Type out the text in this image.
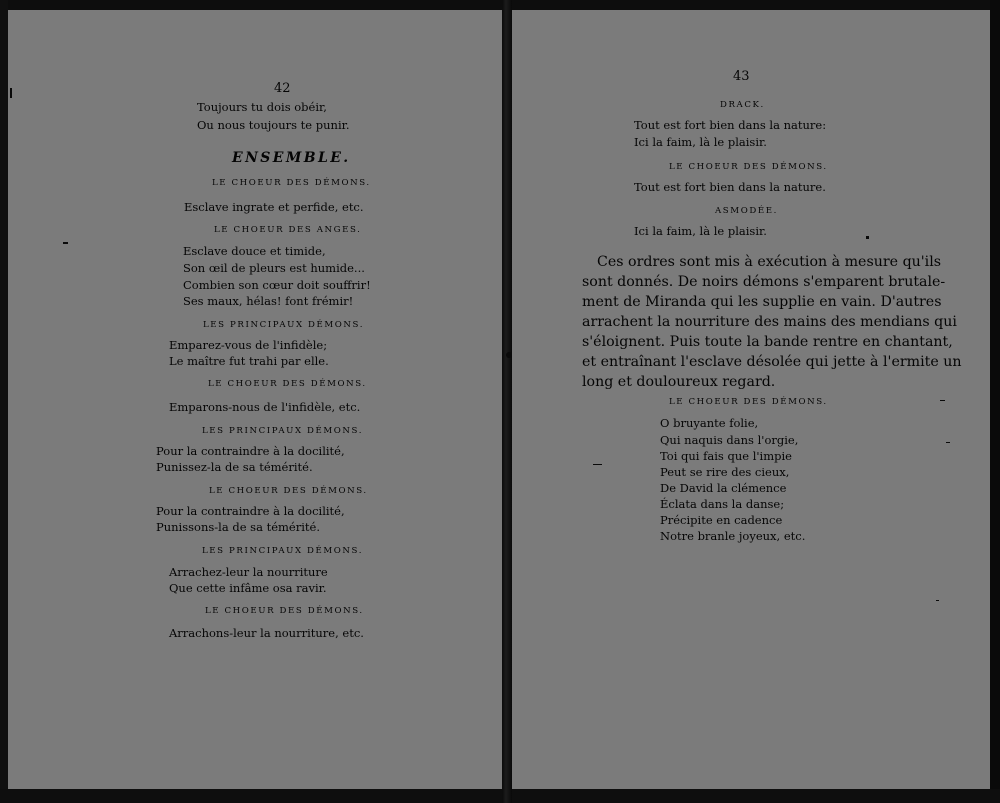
42
Toujours tu dois obéir,
Ou nous toujours te punir.
ENSEMBLE.
LE CHOEUR DES DÉMONS.
Esclave ingrate et perfide, etc.
LE CHOEUR DES ANGES.
Esclave douce et timide,
Son œil de pleurs est humide...
Combien son cœur doit souffrir!
Ses maux, hélas! font frémir!
LES PRINCIPAUX DÉMONS.
Emparez-vous de l'infidèle;
Le maître fut trahi par elle.
LE CHOEUR DES DÉMONS.
Emparons-nous de l'infidèle, etc.
LES PRINCIPAUX DÉMONS.
Pour la contraindre à la docilité,
Punissez-la de sa témérité.
LE CHOEUR DES DÉMONS.
Pour la contraindre à la docilité,
Punissons-la de sa témérité.
LES PRINCIPAUX DÉMONS.
Arrachez-leur la nourriture
Que cette infâme osa ravir.
LE CHOEUR DES DÉMONS.
Arrachons-leur la nourriture, etc.
43
DRACK.
Tout est fort bien dans la nature:
Ici la faim, là le plaisir.
LE CHOEUR DES DÉMONS.
Tout est fort bien dans la nature.
ASMODÉE.
Ici la faim, là le plaisir.
Ces ordres sont mis à exécution à mesure qu'ils
sont donnés. De noirs démons s'emparent brutale-
ment de Miranda qui les supplie en vain. D'autres
arrachent la nourriture des mains des mendians qui
s'éloignent. Puis toute la bande rentre en chantant,
et entraînant l'esclave désolée qui jette à l'ermite un
long et douloureux regard.
LE CHOEUR DES DÉMONS.
O bruyante folie,
Qui naquis dans l'orgie,
Toi qui fais que l'impie
Peut se rire des cieux,
De David la clémence
Éclata dans la danse;
Précipite en cadence
Notre branle joyeux, etc.
